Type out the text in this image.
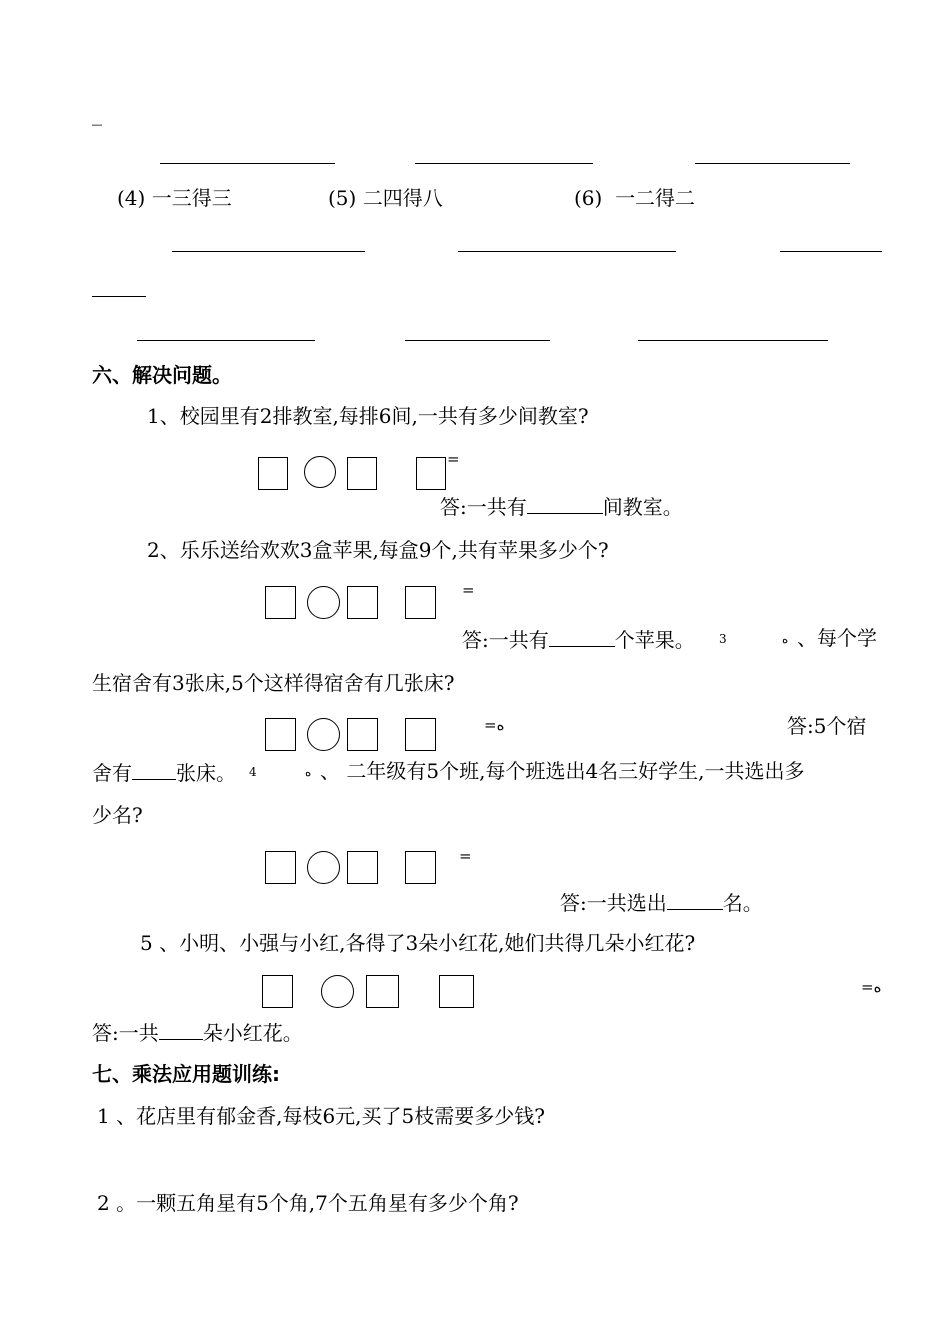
_
(4) 一三得三	(5) 二四得八	(6) 一二得二
六、解决问题。
1、校园里有2排教室,每排6间,一共有多少间教室?
=
答:一共有	间教室。
2、乐乐送给欢欢3盒苹果,每盒9个,共有苹果多少个?
=
答:一共有	个苹果。 3	ه 、每个学
生宿舍有3张床,5个这样得宿舍有几张床?
=ه	答:5个宿
舍有 张床。 4	ه 、 二年级有5个班,每个班选出4名三好学生,一共选出多
少名?
=
答:一共选出	名。
5 、小明、小强与小红,各得了3朵小红花,她们共得几朵小红花?
=ه
答:一共 朵小红花。
七、乘法应用题训练:
1 、花店里有郁金香,每枝6元,买了5枝需要多少钱?
2 。一颗五角星有5个角,7个五角星有多少个角?
